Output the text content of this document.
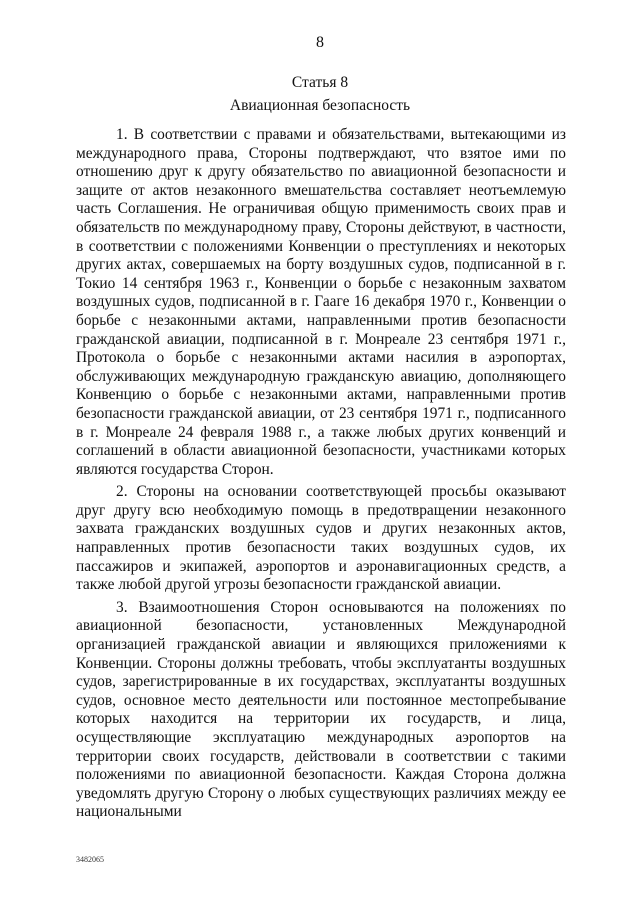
8
Статья 8
Авиационная безопасность

1. В соответствии с правами и обязательствами, вытекающими из международного права, Стороны подтверждают, что взятое ими по отношению друг к другу обязательство по авиационной безопасности и защите от актов незаконного вмешательства составляет неотъемлемую часть Соглашения. Не ограничивая общую применимость своих прав и обязательств по международному праву, Стороны действуют, в частности, в соответствии с положениями Конвенции о преступлениях и некоторых других актах, совершаемых на борту воздушных судов, подписанной в г. Токио 14 сентября 1963 г., Конвенции о борьбе с незаконным захватом воздушных судов, подписанной в г. Гааге 16 декабря 1970 г., Конвенции о борьбе с незаконными актами, направленными против безопасности гражданской авиации, подписанной в г. Монреале 23 сентября 1971 г., Протокола о борьбе с незаконными актами насилия в аэропортах, обслуживающих международную гражданскую авиацию, дополняющего Конвенцию о борьбе с незаконными актами, направленными против безопасности гражданской авиации, от 23 сентября 1971 г., подписанного в г. Монреале 24 февраля 1988 г., а также любых других конвенций и соглашений в области авиационной безопасности, участниками которых являются государства Сторон.

2. Стороны на основании соответствующей просьбы оказывают друг другу всю необходимую помощь в предотвращении незаконного захвата гражданских воздушных судов и других незаконных актов, направленных против безопасности таких воздушных судов, их пассажиров и экипажей, аэропортов и аэронавигационных средств, а также любой другой угрозы безопасности гражданской авиации.

3. Взаимоотношения Сторон основываются на положениях по авиационной безопасности, установленных Международной организацией гражданской авиации и являющихся приложениями к Конвенции. Стороны должны требовать, чтобы эксплуатанты воздушных судов, зарегистрированные в их государствах, эксплуатанты воздушных судов, основное место деятельности или постоянное местопребывание которых находится на территории их государств, и лица, осуществляющие эксплуатацию международных аэропортов на территории своих государств, действовали в соответствии с такими положениями по авиационной безопасности. Каждая Сторона должна уведомлять другую Сторону о любых существующих различиях между ее национальными

3482065
